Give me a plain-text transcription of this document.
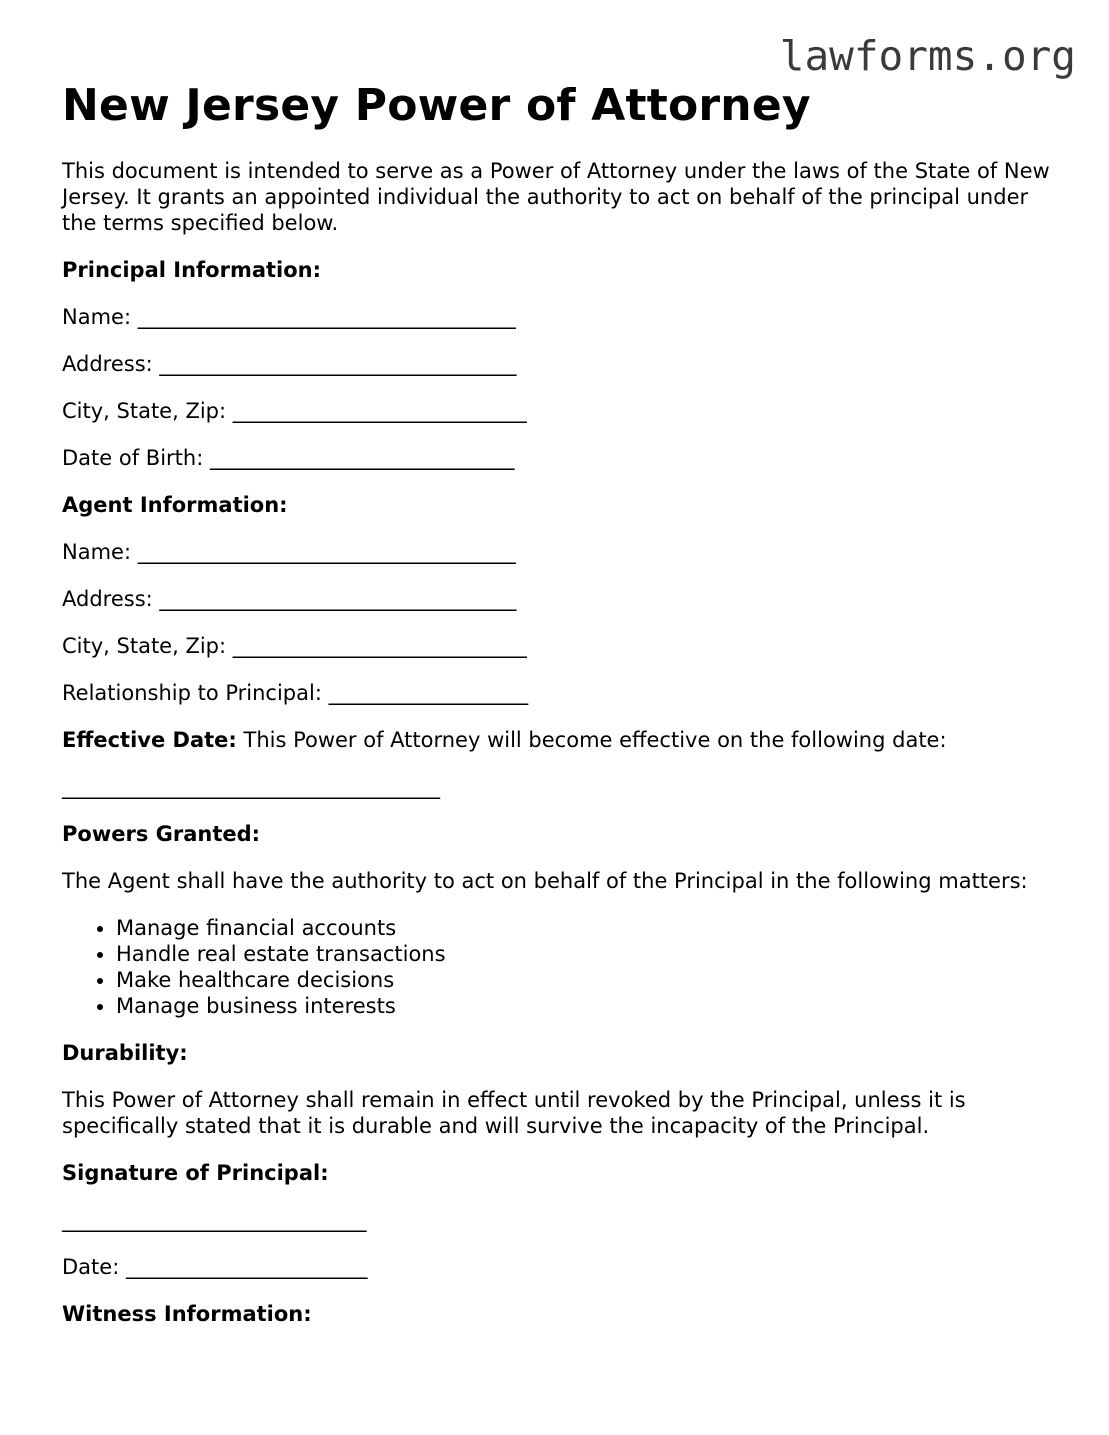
lawforms.org
New Jersey Power of Attorney

This document is intended to serve as a Power of Attorney under the laws of the State of New Jersey. It grants an appointed individual the authority to act on behalf of the principal under the terms specified below.

Principal Information:

Name: ____________________________________

Address: __________________________________

City, State, Zip: ____________________________

Date of Birth: _____________________________

Agent Information:

Name: ____________________________________

Address: __________________________________

City, State, Zip: ____________________________

Relationship to Principal: ___________________

Effective Date: This Power of Attorney will become effective on the following date:

____________________________________

Powers Granted:

The Agent shall have the authority to act on behalf of the Principal in the following matters:

• Manage financial accounts
• Handle real estate transactions
• Make healthcare decisions
• Manage business interests

Durability:

This Power of Attorney shall remain in effect until revoked by the Principal, unless it is specifically stated that it is durable and will survive the incapacity of the Principal.

Signature of Principal:

_____________________________

Date: _______________________

Witness Information:
